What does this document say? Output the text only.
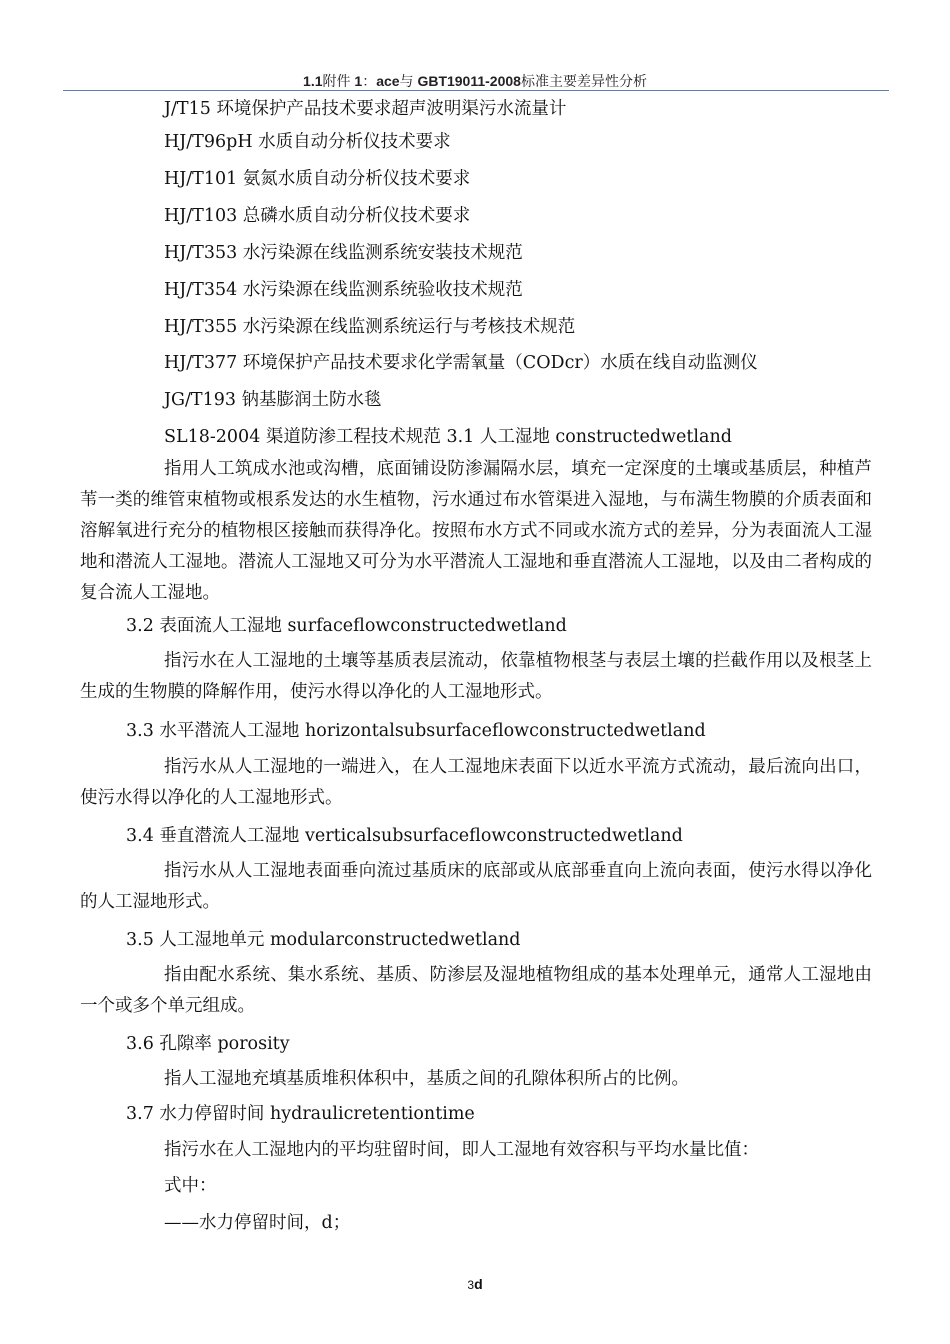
1.1附件 1：ace与 GBT19011-2008标准主要差异性分析
J/T15 环境保护产品技术要求超声波明渠污水流量计
HJ/T96pH 水质自动分析仪技术要求
HJ/T101 氨氮水质自动分析仪技术要求
HJ/T103 总磷水质自动分析仪技术要求
HJ/T353 水污染源在线监测系统安装技术规范
HJ/T354 水污染源在线监测系统验收技术规范
HJ/T355 水污染源在线监测系统运行与考核技术规范
HJ/T377 环境保护产品技术要求化学需氧量（CODcr）水质在线自动监测仪
JG/T193 钠基膨润土防水毯
SL18-2004 渠道防渗工程技术规范 3.1 人工湿地 constructedwetland
指用人工筑成水池或沟槽，底面铺设防渗漏隔水层，填充一定深度的土壤或基质层，种植芦苇一类的维管束植物或根系发达的水生植物，污水通过布水管渠进入湿地，与布满生物膜的介质表面和溶解氧进行充分的植物根区接触而获得净化。按照布水方式不同或水流方式的差异，分为表面流人工湿地和潜流人工湿地。潜流人工湿地又可分为水平潜流人工湿地和垂直潜流人工湿地，以及由二者构成的复合流人工湿地。
3.2 表面流人工湿地 surfaceflowconstructedwetland
指污水在人工湿地的土壤等基质表层流动，依靠植物根茎与表层土壤的拦截作用以及根茎上生成的生物膜的降解作用，使污水得以净化的人工湿地形式。
3.3 水平潜流人工湿地 horizontalsubsurfaceflowconstructedwetland
指污水从人工湿地的一端进入，在人工湿地床表面下以近水平流方式流动，最后流向出口，使污水得以净化的人工湿地形式。
3.4 垂直潜流人工湿地 verticalsubsurfaceflowconstructedwetland
指污水从人工湿地表面垂向流过基质床的底部或从底部垂直向上流向表面，使污水得以净化的人工湿地形式。
3.5 人工湿地单元 modularconstructedwetland
指由配水系统、集水系统、基质、防渗层及湿地植物组成的基本处理单元，通常人工湿地由一个或多个单元组成。
3.6 孔隙率 porosity
指人工湿地充填基质堆积体积中，基质之间的孔隙体积所占的比例。
3.7 水力停留时间 hydraulicretentiontime
指污水在人工湿地内的平均驻留时间，即人工湿地有效容积与平均水量比值：
式中：
——水力停留时间，d；
3d
